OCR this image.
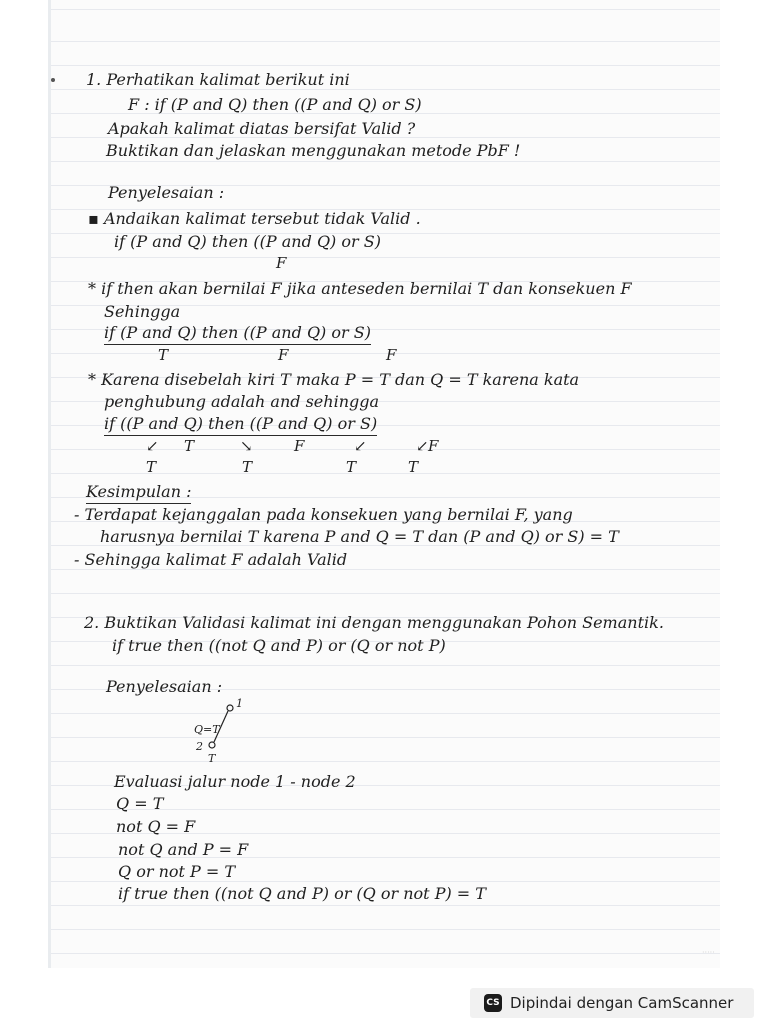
1. Perhatikan kalimat berikut ini
F : if (P and Q) then ((P and Q) or S)
Apakah kalimat diatas bersifat Valid ?
Buktikan dan jelaskan menggunakan metode PbF !
Penyelesaian :
▪ Andaikan kalimat tersebut tidak Valid .
if (P and Q) then ((P and Q) or S)
F
* if then akan bernilai F jika anteseden bernilai T dan konsekuen F
Sehingga
if (P and Q) then ((P and Q) or S)
T	F	F
* Karena disebelah kiri T maka P = T dan Q = T karena kata
penghubung adalah and sehingga
if ((P and Q) then ((P and Q) or S)
↙ T	↘	F	↙	↙ F
T	T	T	T
Kesimpulan :
- Terdapat kejanggalan pada konsekuen yang bernilai F, yang
harusnya bernilai T karena P and Q = T dan (P and Q) or S) = T
- Sehingga kalimat F adalah Valid
2. Buktikan Validasi kalimat ini dengan menggunakan Pohon Semantik.
if true then ((not Q and P) or (Q or not P)
Penyelesaian :
Evaluasi jalur node 1 - node 2
Q = T
not Q = F
not Q and P = F
Q or not P = T
if true then ((not Q and P) or (Q or not P) = T
·····
1
Q=T
2
T
CS Dipindai dengan CamScanner
